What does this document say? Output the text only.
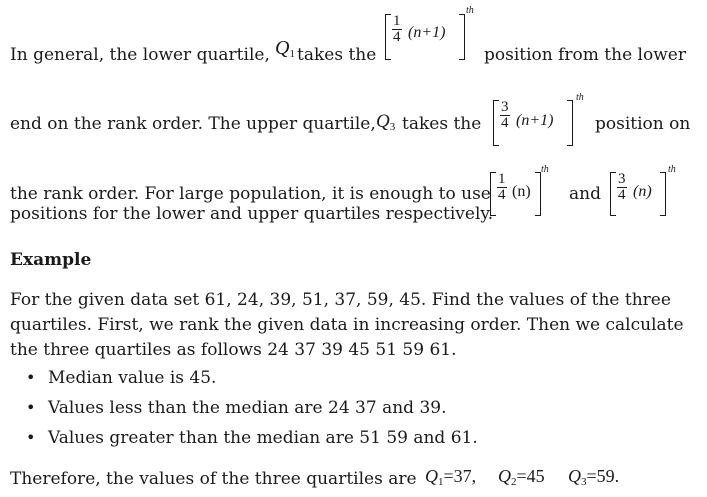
In general, the lower quartile, $Q_1$ takes the
$\frac{1}{4} (n+1)$
th
position from the lower
end on the rank order. The upper quartile, $Q_3$ takes the $\frac{3}{4} (n+1)$
th
position on
the rank order. For large population, it is enough to use $\frac{1}{4} (n)$
th
and $\frac{3}{4} (n)$
th
positions for the lower and upper quartiles respectively.
Example
For the given data set 61, 24, 39, 51, 37, 59, 45. Find the values of the three
quartiles. First, we rank the given data in increasing order. Then we calculate
the three quartiles as follows 24 37 39 45 51 59 61.
• Median value is 45.
• Values less than the median are 24 37 and 39.
• Values greater than the median are 51 59 and 61.
Therefore, the values of the three quartiles are $Q_1=37$, $Q_2=45$ $Q_3=59$.
